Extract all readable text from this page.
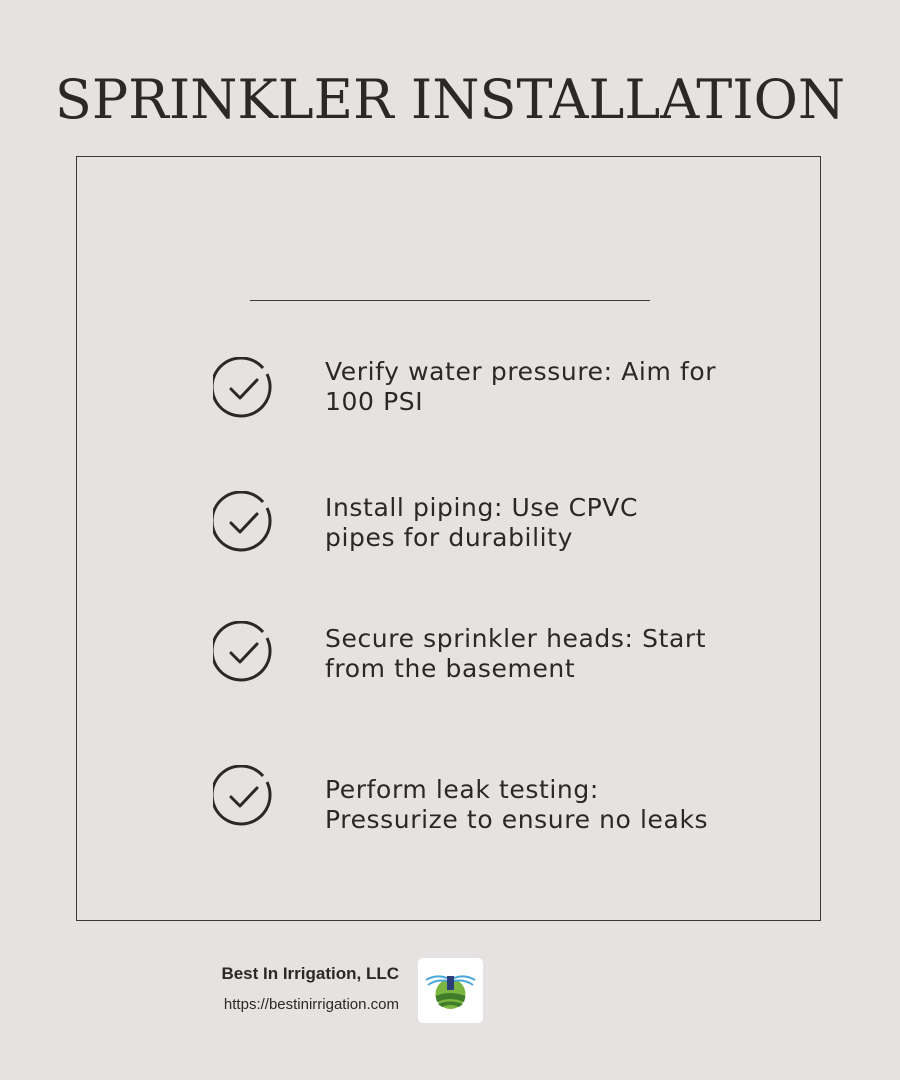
SPRINKLER INSTALLATION
Verify water pressure: Aim for
100 PSI
Install piping: Use CPVC
pipes for durability
Secure sprinkler heads: Start
from the basement
Perform leak testing:
Pressurize to ensure no leaks
Best In Irrigation, LLC
https://bestinirrigation.com
